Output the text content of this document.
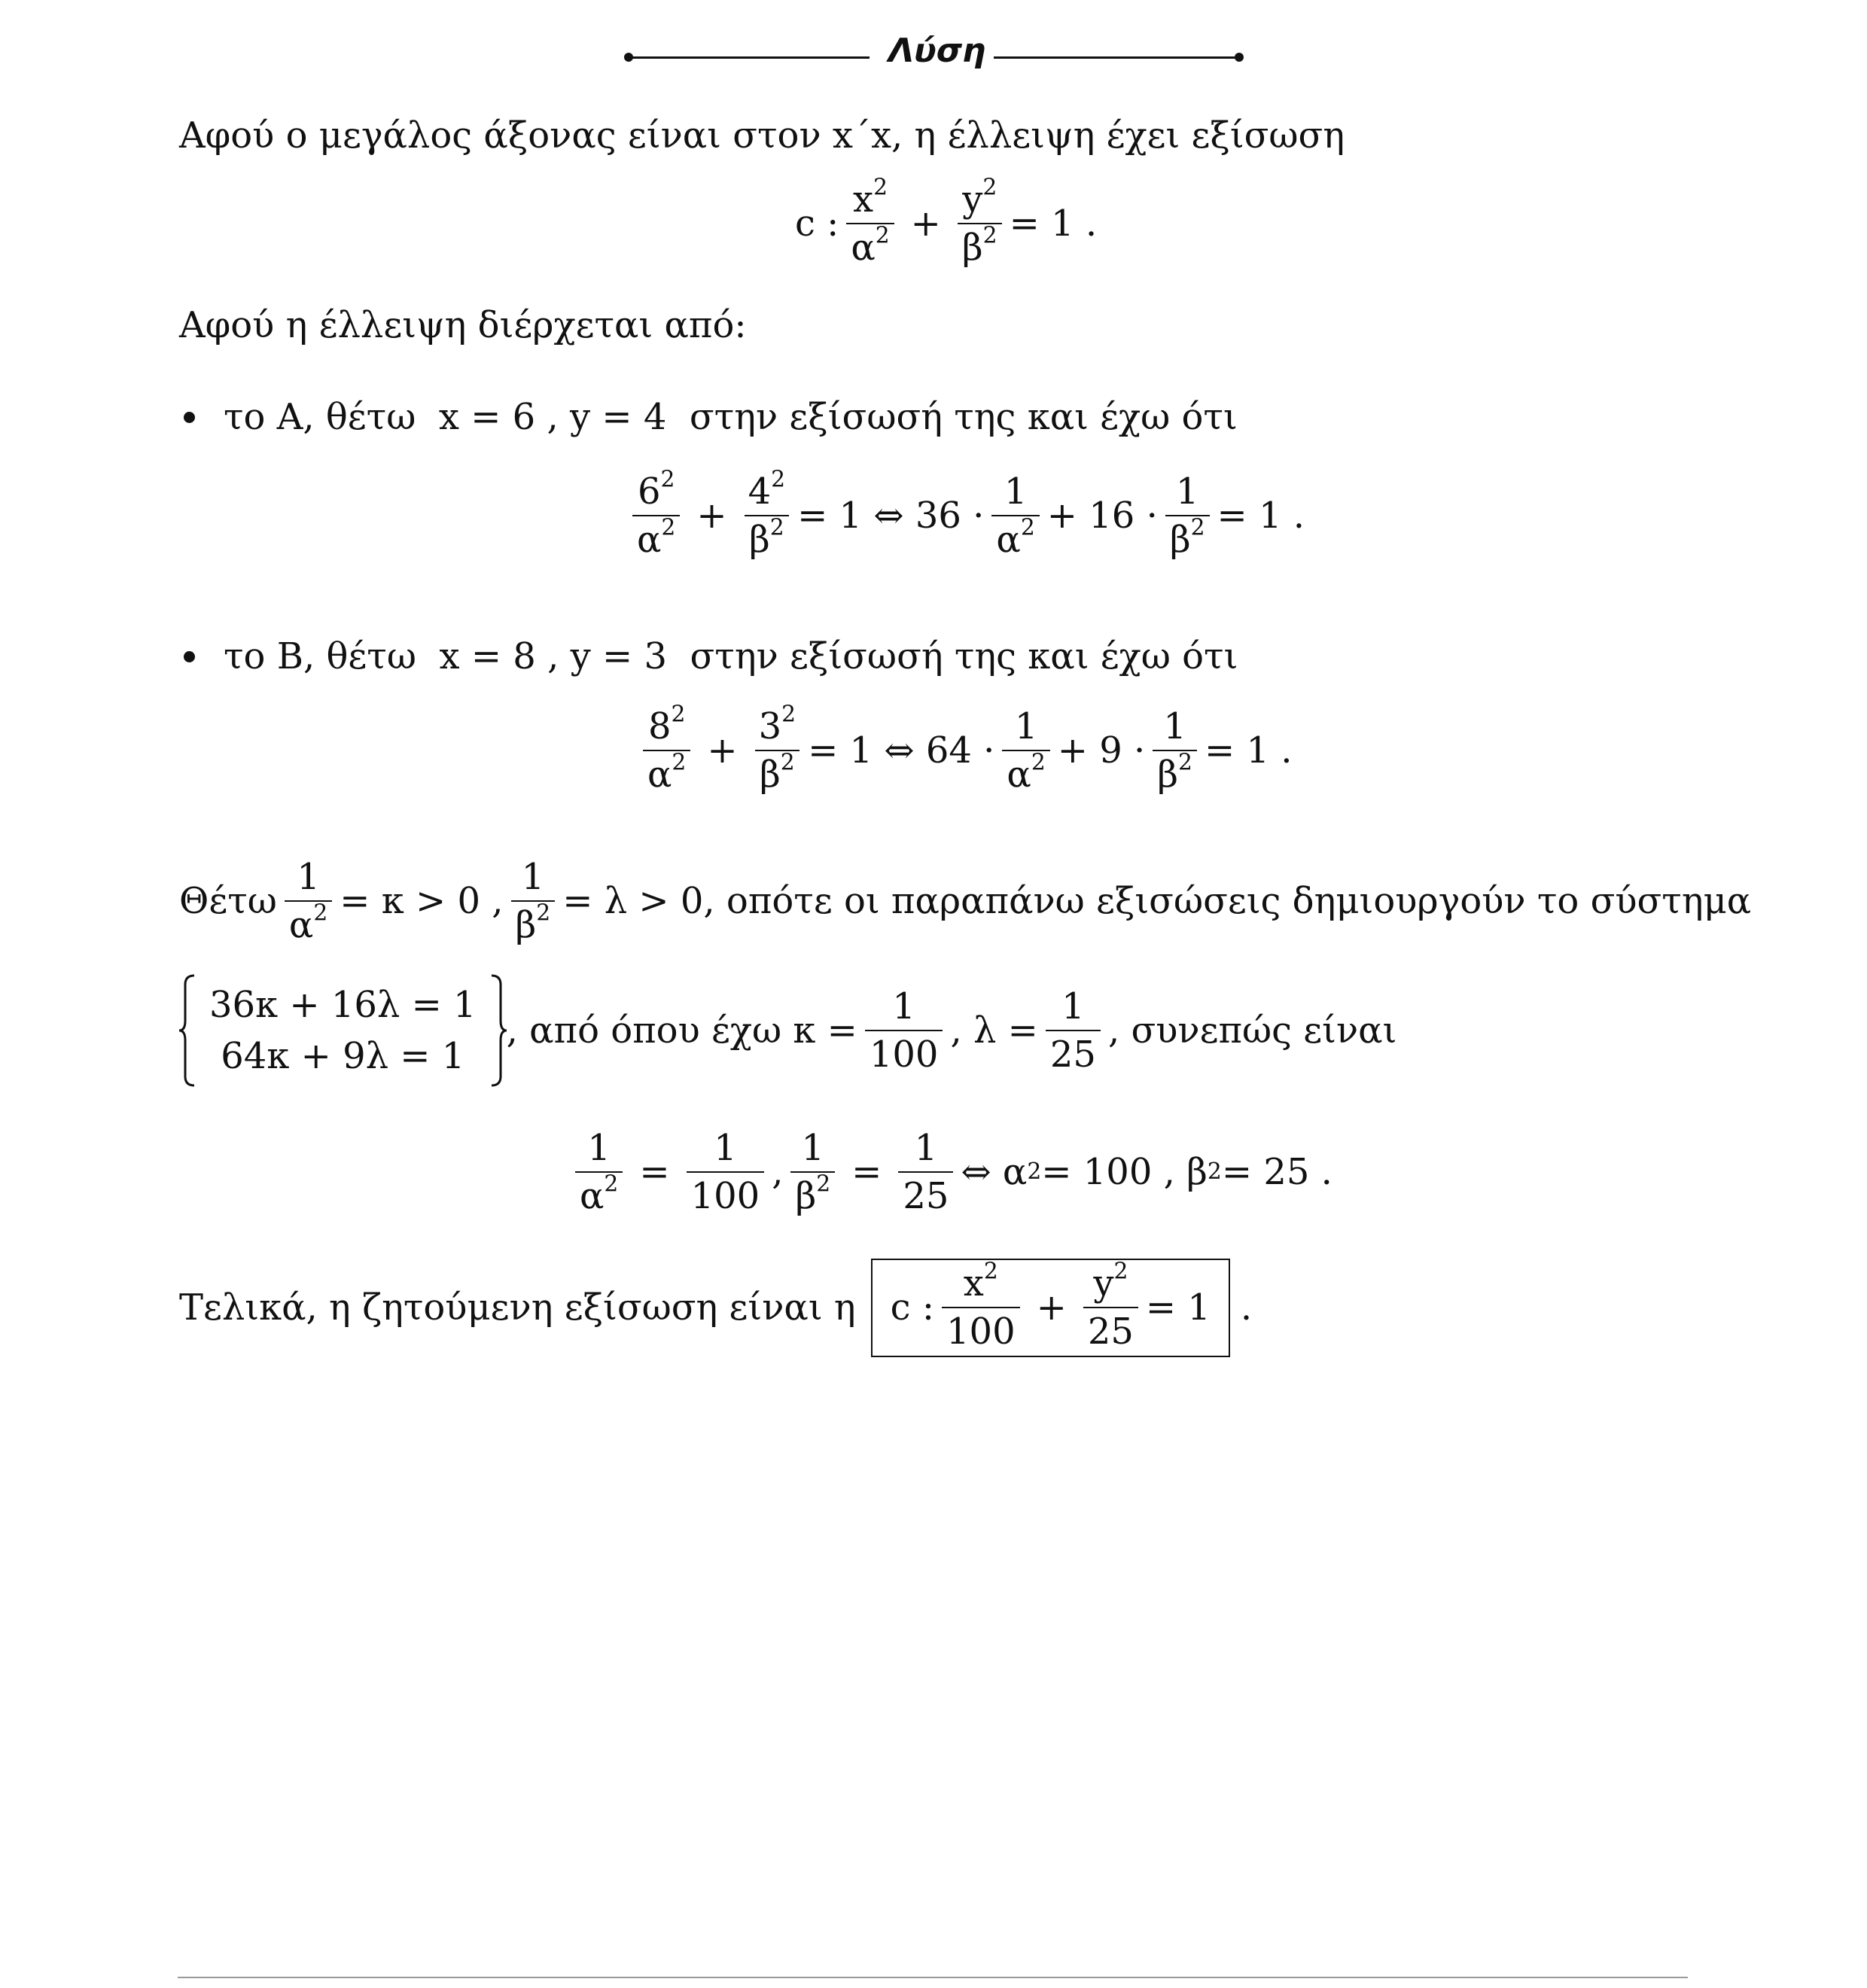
Λύση
Αφού ο μεγάλος άξονας είναι στον x΄x, η έλλειψη έχει εξίσωση
c : $\frac{x^2}{\alpha^2} + \frac{y^2}{\beta^2} = 1$ .
Αφού η έλλειψη διέρχεται από:
το Α, θέτω
x = 6 , y = 4
στην εξίσωσή της και έχω ότι
$\frac{6^2}{\alpha^2} + \frac{4^2}{\beta^2} = 1$ ⇔ $36 \cdot \frac{1}{\alpha^2} + 16 \cdot \frac{1}{\beta^2} = 1$ .
το Β, θέτω
x = 8 , y = 3
στην εξίσωσή της και έχω ότι
$\frac{8^2}{\alpha^2} + \frac{3^2}{\beta^2} = 1$ ⇔ $64 \cdot \frac{1}{\alpha^2} + 9 \cdot \frac{1}{\beta^2} = 1$ .
Θέτω $\frac{1}{\alpha^2} = \kappa > 0$ , $\frac{1}{\beta^2} = \lambda > 0$ , οπότε οι παραπάνω εξισώσεις δημιουργούν το σύστημα
36κ + 16λ = 1
64κ + 9λ = 1
, από όπου έχω $\kappa = \frac{1}{100}$ , $\lambda = \frac{1}{25}$ , συνεπώς είναι
$\frac{1}{\alpha^2} = \frac{1}{100}$ , $\frac{1}{\beta^2} = \frac{1}{25}$ ⇔ α 2 = 100 , β 2 = 25 .
Τελικά, η ζητούμενη εξίσωση είναι η c : $\frac{x^2}{100} + \frac{y^2}{25} = 1$ .
